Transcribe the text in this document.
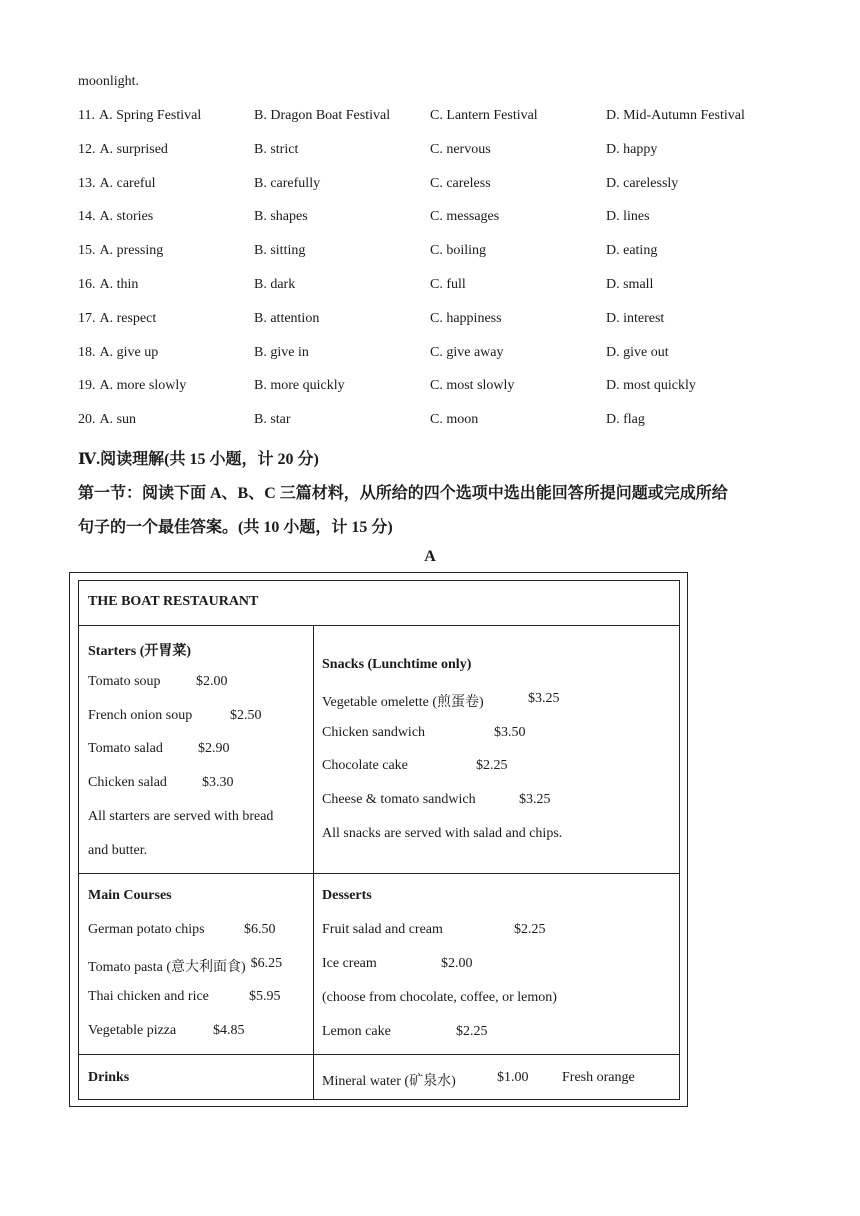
moonlight.
11. A. Spring Festival	B. Dragon Boat Festival	C. Lantern Festival	D. Mid-Autumn Festival
12. A. surprised	B. strict	C. nervous	D. happy
13. A. careful	B. carefully	C. careless	D. carelessly
14. A. stories	B. shapes	C. messages	D. lines
15. A. pressing	B. sitting	C. boiling	D. eating
16. A. thin	B. dark	C. full	D. small
17. A. respect	B. attention	C. happiness	D. interest
18. A. give up	B. give in	C. give away	D. give out
19. A. more slowly	B. more quickly	C. most slowly	D. most quickly
20. A. sun	B. star	C. moon	D. flag
Ⅳ.阅读理解(共 15 小题，计 20 分)
第一节：阅读下面 A、B、C 三篇材料，从所给的四个选项中选出能回答所提问题或完成所给
句子的一个最佳答案。(共 10 小题，计 15 分)
A
THE BOAT RESTAURANT
Starters (开胃菜)
Tomato soup	$2.00
French onion soup	$2.50
Tomato salad	$2.90
Chicken salad	$3.30
All starters are served with bread
and butter.
Snacks (Lunchtime only)
Vegetable omelette (煎蛋卷)	$3.25
Chicken sandwich	$3.50
Chocolate cake	$2.25
Cheese & tomato sandwich	$3.25
All snacks are served with salad and chips.
Main Courses
German potato chips	$6.50
Tomato pasta (意大利面食) $6.25
Thai chicken and rice	$5.95
Vegetable pizza	$4.85
Desserts
Fruit salad and cream	$2.25
Ice cream	$2.00
(choose from chocolate, coffee, or lemon)
Lemon cake	$2.25
Drinks	Mineral water (矿泉水)	$1.00 Fresh orange
